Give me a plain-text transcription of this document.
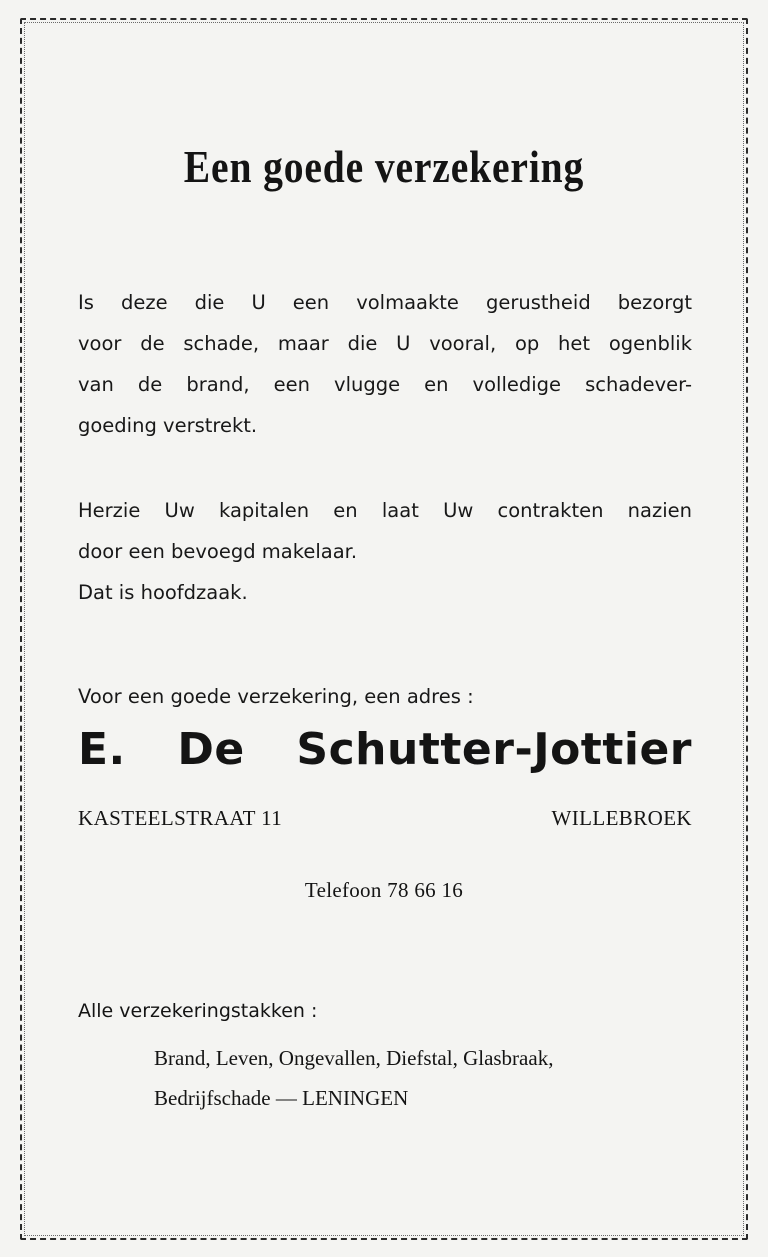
Een goede verzekering
Is deze die U een volmaakte gerustheid bezorgt
voor de schade, maar die U vooral, op het ogenblik
van de brand, een vlugge en volledige schadever-
goeding verstrekt.
Herzie Uw kapitalen en laat Uw contrakten nazien
door een bevoegd makelaar.
Dat is hoofdzaak.
Voor een goede verzekering, een adres :
E. De Schutter-Jottier
KASTEELSTRAAT 11	WILLEBROEK
Telefoon 78 66 16
Alle verzekeringstakken :
Brand, Leven, Ongevallen, Diefstal, Glasbraak,
Bedrijfschade — LENINGEN
